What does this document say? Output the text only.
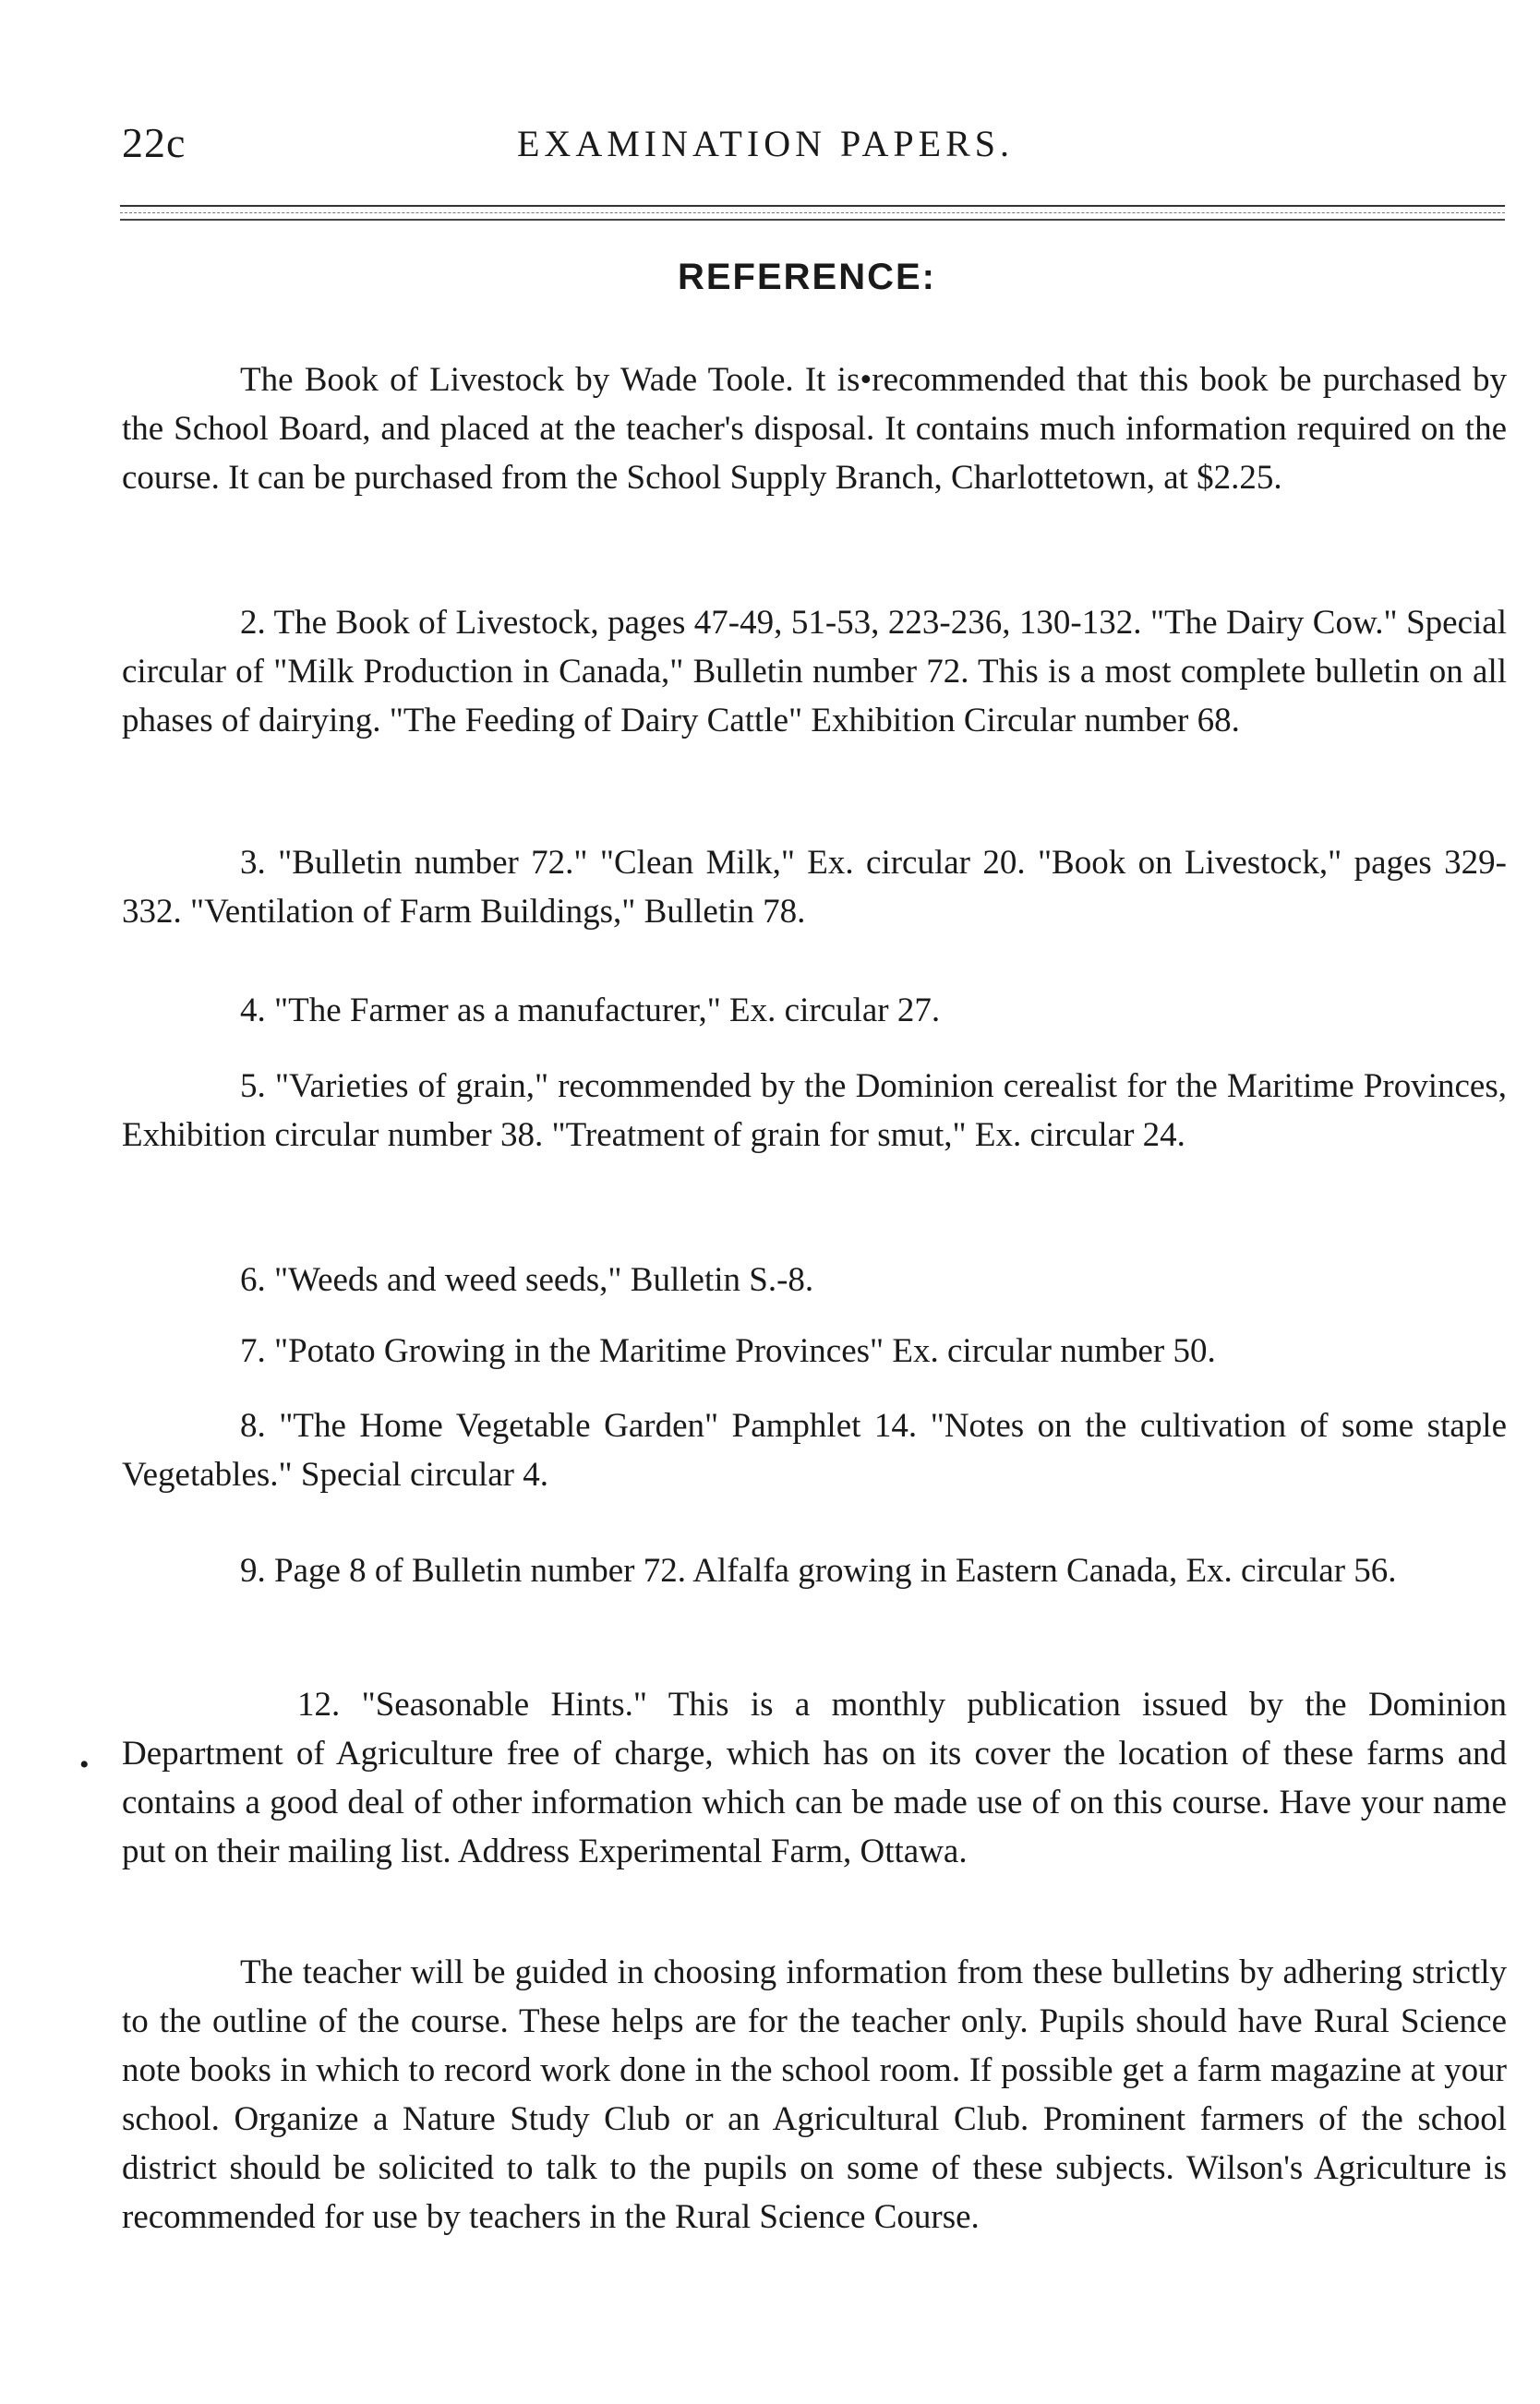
22c	EXAMINATION PAPERS.
REFERENCE:

The Book of Livestock by Wade Toole. It is•recommended that this book be purchased by the School Board, and placed at the teacher's disposal. It contains much information required on the course. It can be purchased from the School Supply Branch, Charlottetown, at $2.25.

2. The Book of Livestock, pages 47-49, 51-53, 223-236, 130-132. "The Dairy Cow." Special circular of "Milk Production in Canada," Bulletin number 72. This is a most complete bulletin on all phases of dairying. "The Feeding of Dairy Cattle" Exhibition Circular number 68.

3. "Bulletin number 72." "Clean Milk," Ex. circular 20. "Book on Livestock," pages 329-332. "Ventilation of Farm Buildings," Bulletin 78.

4. "The Farmer as a manufacturer," Ex. circular 27.

5. "Varieties of grain," recommended by the Dominion cerealist for the Maritime Provinces, Exhibition circular number 38. "Treatment of grain for smut," Ex. circular 24.

6. "Weeds and weed seeds," Bulletin S.-8.

7. "Potato Growing in the Maritime Provinces" Ex. circular number 50.

8. "The Home Vegetable Garden" Pamphlet 14. "Notes on the cultivation of some staple Vegetables." Special circular 4.

9. Page 8 of Bulletin number 72. Alfalfa growing in Eastern Canada, Ex. circular 56.

•

12. "Seasonable Hints." This is a monthly publication issued by the Dominion Department of Agriculture free of charge, which has on its cover the location of these farms and contains a good deal of other information which can be made use of on this course. Have your name put on their mailing list. Address Experimental Farm, Ottawa.

The teacher will be guided in choosing information from these bulletins by adhering strictly to the outline of the course. These helps are for the teacher only. Pupils should have Rural Science note books in which to record work done in the school room. If possible get a farm magazine at your school. Organize a Nature Study Club or an Agricultural Club. Prominent farmers of the school district should be solicited to talk to the pupils on some of these subjects. Wilson's Agriculture is recommended for use by teachers in the Rural Science Course.
